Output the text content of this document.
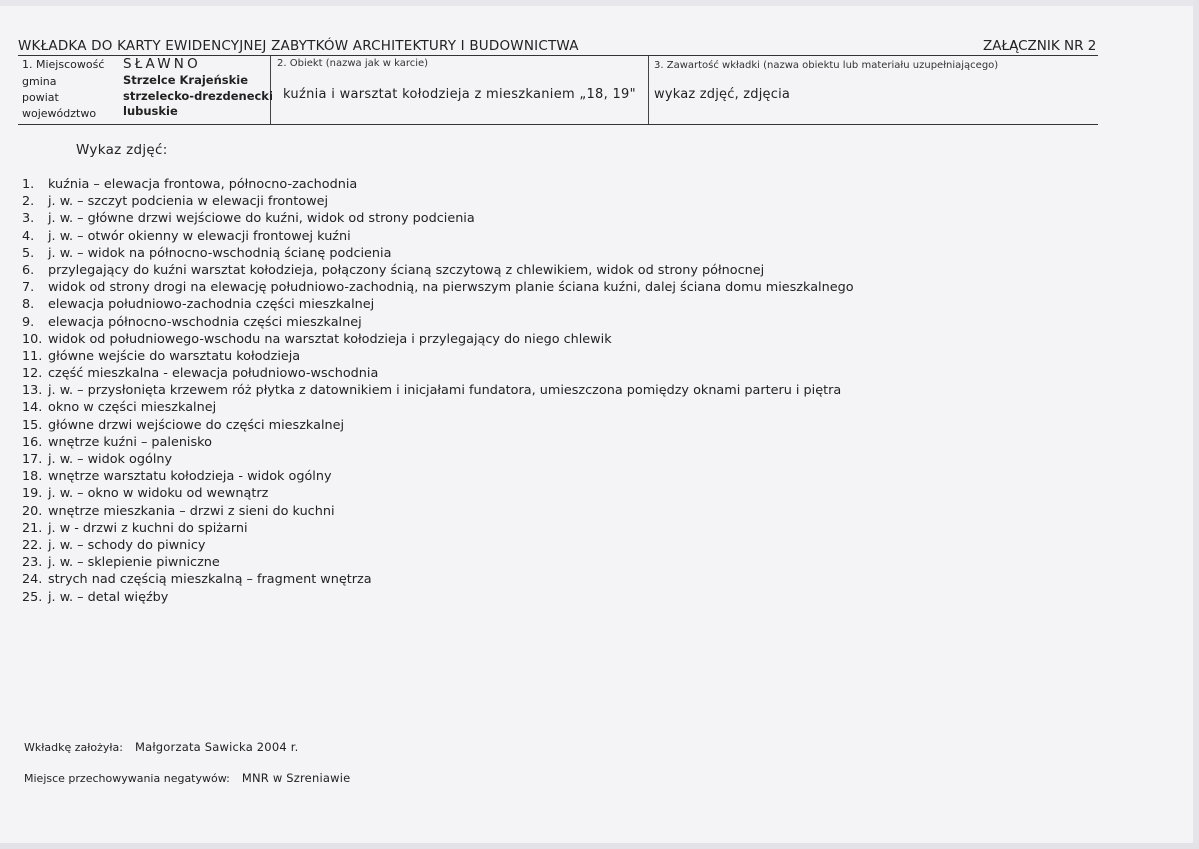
WKŁADKA DO KARTY EWIDENCYJNEJ ZABYTKÓW ARCHITEKTURY I BUDOWNICTWA	ZAŁĄCZNIK NR 2
1. Miejscowość SŁAWNO
gmina	Strzelce Krajeńskie
powiat	strzelecko-drezdenecki
województwo lubuskie
2. Obiekt (nazwa jak w karcie)
kuźnia i warsztat kołodzieja z mieszkaniem „18, 19"
3. Zawartość wkładki (nazwa obiektu lub materiału uzupełniającego)
wykaz zdjęć, zdjęcia
Wykaz zdjęć:
1. kuźnia – elewacja frontowa, północno-zachodnia
2. j. w. – szczyt podcienia w elewacji frontowej
3. j. w. – główne drzwi wejściowe do kuźni, widok od strony podcienia
4. j. w. – otwór okienny w elewacji frontowej kuźni
5. j. w. – widok na północno-wschodnią ścianę podcienia
6. przylegający do kuźni warsztat kołodzieja, połączony ścianą szczytową z chlewikiem, widok od strony północnej
7. widok od strony drogi na elewację południowo-zachodnią, na pierwszym planie ściana kuźni, dalej ściana domu mieszkalnego
8. elewacja południowo-zachodnia części mieszkalnej
9. elewacja północno-wschodnia części mieszkalnej
10. widok od południowego-wschodu na warsztat kołodzieja i przylegający do niego chlewik
11. główne wejście do warsztatu kołodzieja
12. część mieszkalna - elewacja południowo-wschodnia
13. j. w. – przysłonięta krzewem róż płytka z datownikiem i inicjałami fundatora, umieszczona pomiędzy oknami parteru i piętra
14. okno w części mieszkalnej
15. główne drzwi wejściowe do części mieszkalnej
16. wnętrze kuźni – palenisko
17. j. w. – widok ogólny
18. wnętrze warsztatu kołodzieja - widok ogólny
19. j. w. – okno w widoku od wewnątrz
20. wnętrze mieszkania – drzwi z sieni do kuchni
21. j. w - drzwi z kuchni do spiżarni
22. j. w. – schody do piwnicy
23. j. w. – sklepienie piwniczne
24. strych nad częścią mieszkalną – fragment wnętrza
25. j. w. – detal więźby
Wkładkę założyła: Małgorzata Sawicka 2004 r.
Miejsce przechowywania negatywów: MNR w Szreniawie
